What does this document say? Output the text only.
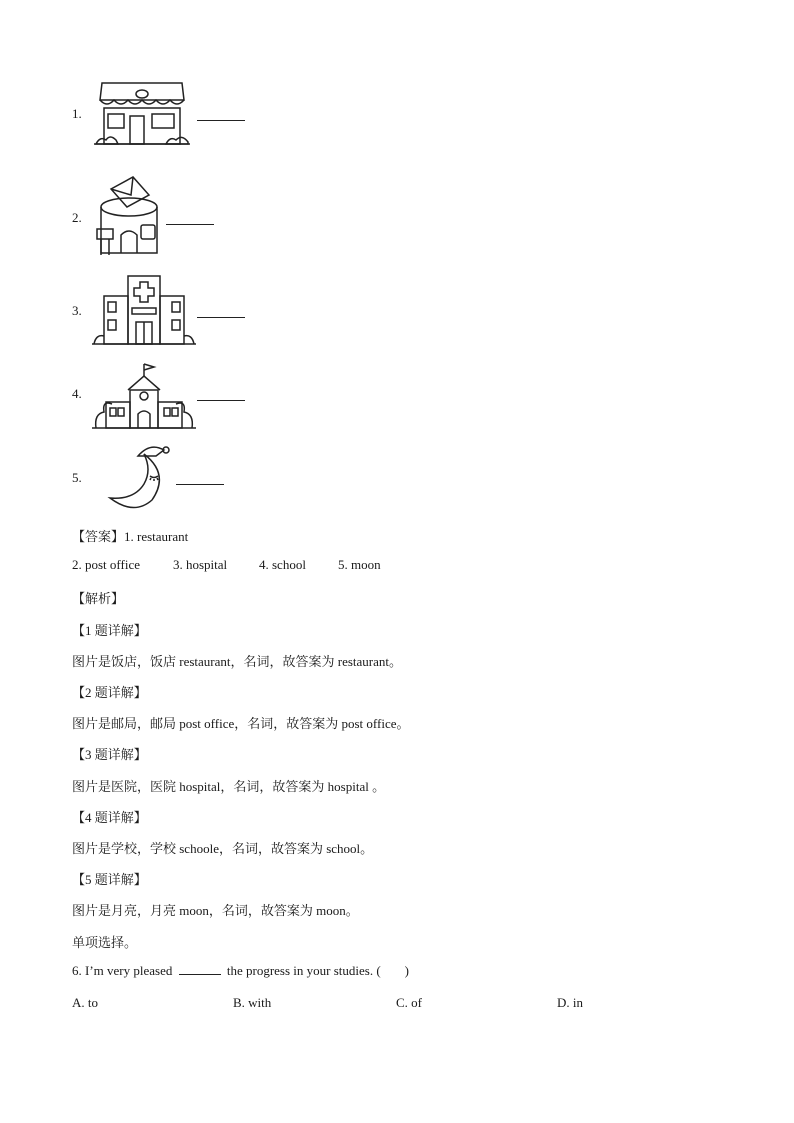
1.
2.
3.
4.
5.
【答案】1. restaurant
2. post office	3. hospital 4. school 5. moon
【解析】
【1 题详解】
图片是饭店，饭店 restaurant，名词，故答案为 restaurant。
【2 题详解】
图片是邮局，邮局 post office，名词，故答案为 post office。
【3 题详解】
图片是医院，医院 hospital，名词，故答案为 hospital 。
【4 题详解】
图片是学校，学校 schoole，名词，故答案为 school。
【5 题详解】
图片是月亮，月亮 moon，名词，故答案为 moon。
单项选择。
6. I’m very pleased	the progress in your studies. ( )
A. to	B. with	C. of	D. in
